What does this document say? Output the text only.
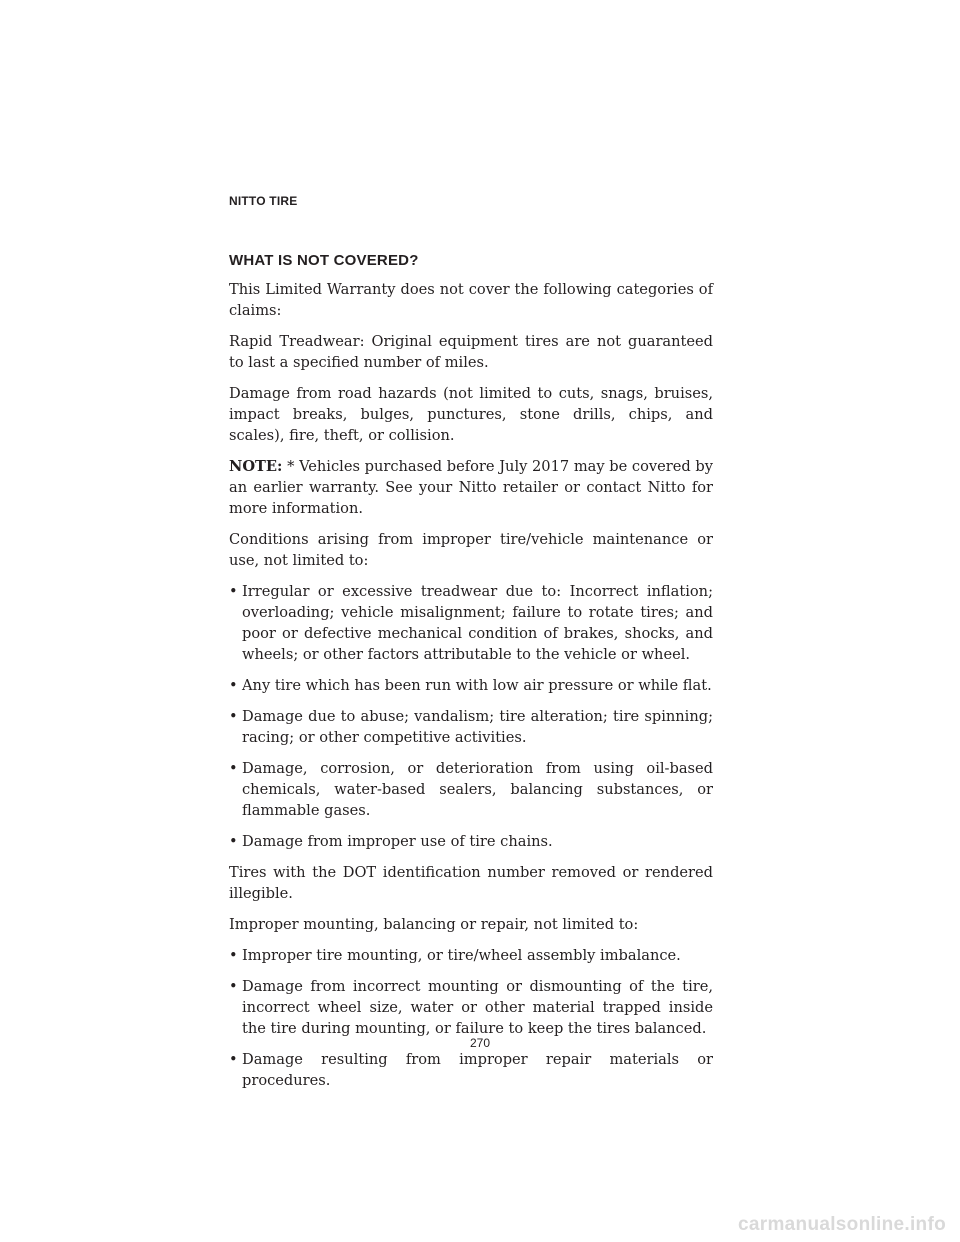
NITTO TIRE
WHAT IS NOT COVERED?

This Limited Warranty does not cover the following categories of claims:

Rapid Treadwear: Original equipment tires are not guaranteed to last a specified number of miles.

Damage from road hazards (not limited to cuts, snags, bruises, impact breaks, bulges, punctures, stone drills, chips, and scales), fire, theft, or collision.

NOTE: * Vehicles purchased before July 2017 may be covered by an earlier warranty. See your Nitto retailer or contact Nitto for more information.

Conditions arising from improper tire/vehicle maintenance or use, not limited to:

• Irregular or excessive treadwear due to: Incorrect inflation; overloading; vehicle misalignment; failure to rotate tires; and poor or defective mechanical condition of brakes, shocks, and wheels; or other factors attributable to the vehicle or wheel.
• Any tire which has been run with low air pressure or while flat.
• Damage due to abuse; vandalism; tire alteration; tire spinning; racing; or other competitive activities.
• Damage, corrosion, or deterioration from using oil-based chemicals, water-based sealers, balancing substances, or flammable gases.
• Damage from improper use of tire chains.

Tires with the DOT identification number removed or rendered illegible.

Improper mounting, balancing or repair, not limited to:

• Improper tire mounting, or tire/wheel assembly imbalance.
• Damage from incorrect mounting or dismounting of the tire, incorrect wheel size, water or other material trapped inside the tire during mounting, or failure to keep the tires balanced.
• Damage resulting from improper repair materials or procedures.
270
carmanualsonline.info
